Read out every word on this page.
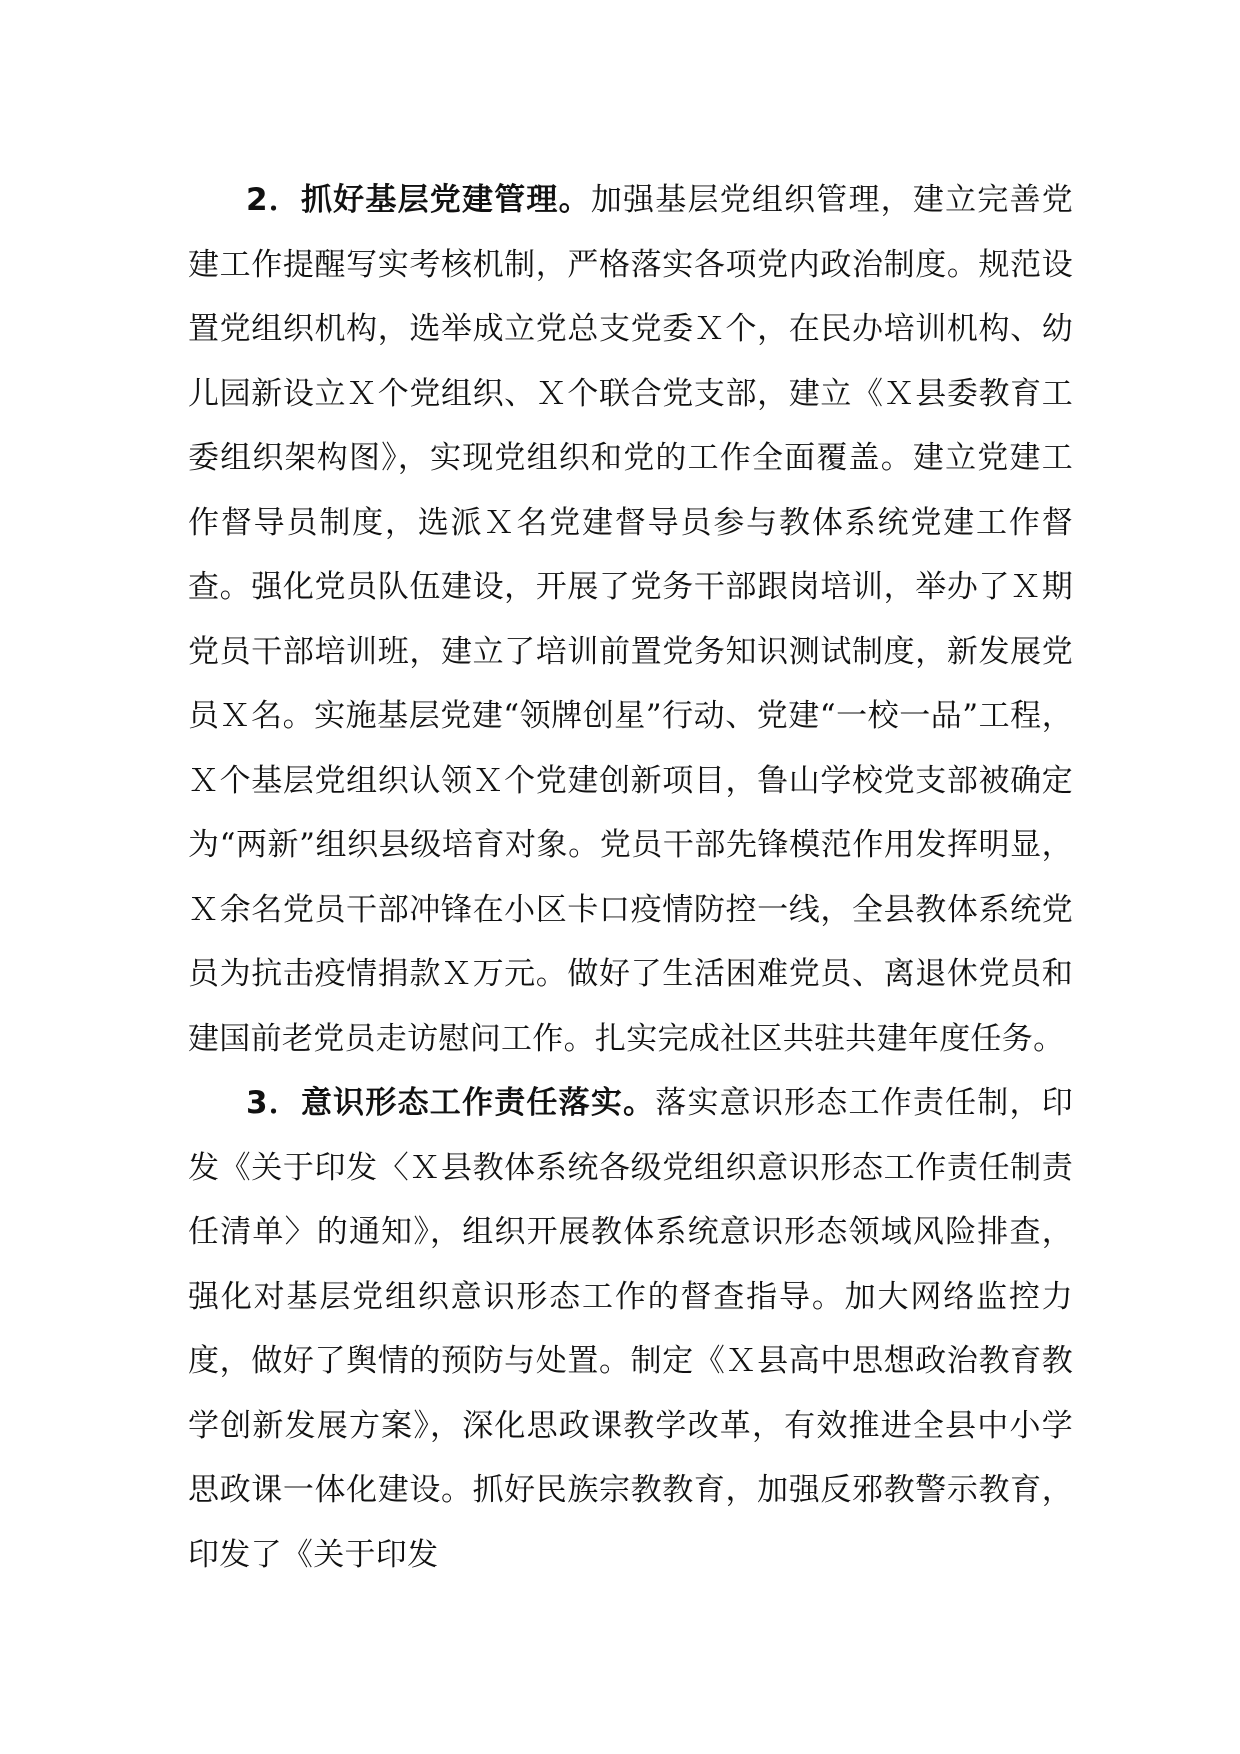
2．抓好基层党建管理。加强基层党组织管理，建立完善党建工作提醒写实考核机制，严格落实各项党内政治制度。规范设置党组织机构，选举成立党总支党委Ｘ个，在民办培训机构、幼儿园新设立Ｘ个党组织、Ｘ个联合党支部，建立《Ｘ县委教育工委组织架构图》，实现党组织和党的工作全面覆盖。建立党建工作督导员制度，选派Ｘ名党建督导员参与教体系统党建工作督查。强化党员队伍建设，开展了党务干部跟岗培训，举办了Ｘ期党员干部培训班，建立了培训前置党务知识测试制度，新发展党员Ｘ名。实施基层党建“领牌创星”行动、党建“一校一品”工程，Ｘ个基层党组织认领Ｘ个党建创新项目，鲁山学校党支部被确定为“两新”组织县级培育对象。党员干部先锋模范作用发挥明显，Ｘ余名党员干部冲锋在小区卡口疫情防控一线，全县教体系统党员为抗击疫情捐款Ｘ万元。做好了生活困难党员、离退休党员和建国前老党员走访慰问工作。扎实完成社区共驻共建年度任务。

3．意识形态工作责任落实。落实意识形态工作责任制，印发《关于印发〈Ｘ县教体系统各级党组织意识形态工作责任制责任清单〉的通知》，组织开展教体系统意识形态领域风险排查，强化对基层党组织意识形态工作的督查指导。加大网络监控力度，做好了舆情的预防与处置。制定《Ｘ县高中思想政治教育教学创新发展方案》，深化思政课教学改革，有效推进全县中小学思政课一体化建设。抓好民族宗教教育，加强反邪教警示教育，印发了《关于印发
